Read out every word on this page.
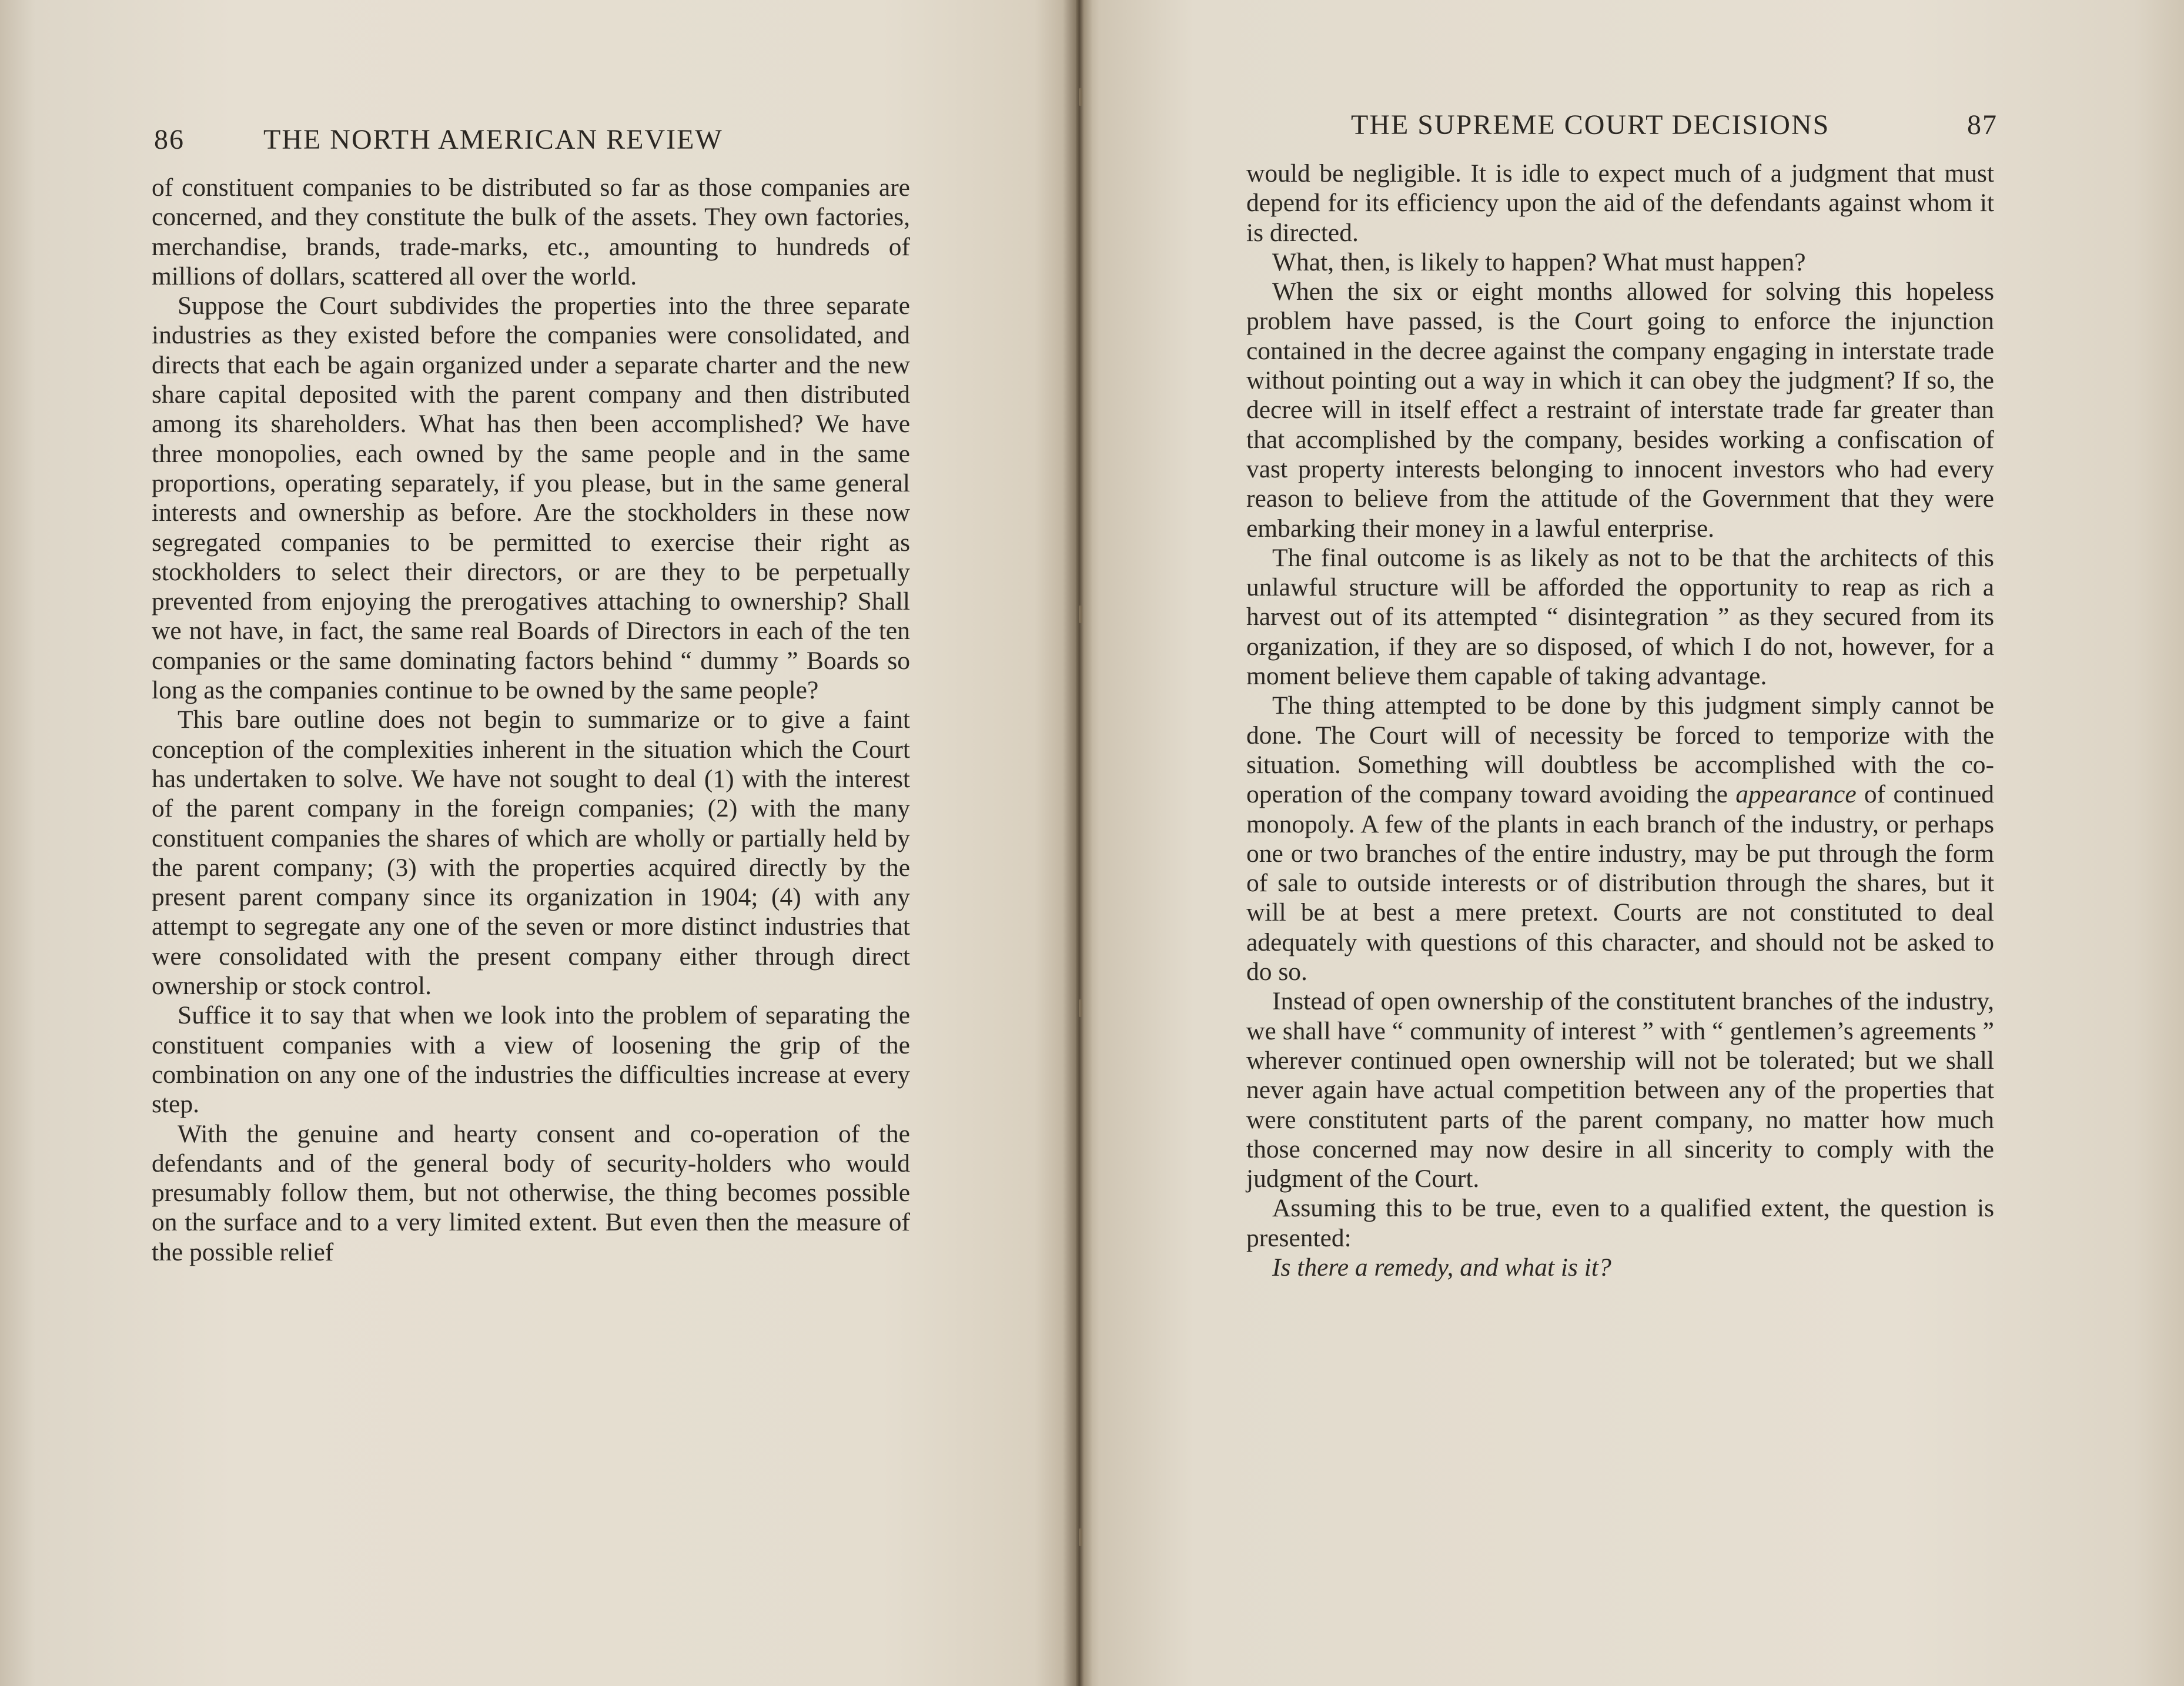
86	THE NORTH AMERICAN REVIEW

of constituent companies to be distributed so far as those companies are concerned, and they constitute the bulk of the assets. They own factories, merchandise, brands, trade-marks, etc., amounting to hundreds of millions of dollars, scattered all over the world.

Suppose the Court subdivides the properties into the three separate industries as they existed before the companies were consolidated, and directs that each be again organized under a separate charter and the new share capital deposited with the parent company and then distributed among its shareholders. What has then been accomplished? We have three monopolies, each owned by the same people and in the same proportions, operating separately, if you please, but in the same general interests and ownership as before. Are the stockholders in these now segregated companies to be permitted to exercise their right as stockholders to select their directors, or are they to be perpetually prevented from enjoying the prerogatives attaching to ownership? Shall we not have, in fact, the same real Boards of Directors in each of the ten companies or the same dominating factors behind “ dummy ” Boards so long as the companies continue to be owned by the same people?

This bare outline does not begin to summarize or to give a faint conception of the complexities inherent in the situation which the Court has undertaken to solve. We have not sought to deal (1) with the interest of the parent company in the foreign companies; (2) with the many constituent companies the shares of which are wholly or partially held by the parent company; (3) with the properties acquired directly by the present parent company since its organization in 1904; (4) with any attempt to segregate any one of the seven or more distinct industries that were consolidated with the present company either through direct ownership or stock control.

Suffice it to say that when we look into the problem of separating the constituent companies with a view of loosening the grip of the combination on any one of the industries the difficulties increase at every step.

With the genuine and hearty consent and co-operation of the defendants and of the general body of security-holders who would presumably follow them, but not otherwise, the thing becomes possible on the surface and to a very limited extent. But even then the measure of the possible relief

THE SUPREME COURT DECISIONS	87

would be negligible. It is idle to expect much of a judgment that must depend for its efficiency upon the aid of the defendants against whom it is directed.

What, then, is likely to happen? What must happen?

When the six or eight months allowed for solving this hopeless problem have passed, is the Court going to enforce the injunction contained in the decree against the company engaging in interstate trade without pointing out a way in which it can obey the judgment? If so, the decree will in itself effect a restraint of interstate trade far greater than that accomplished by the company, besides working a confiscation of vast property interests belonging to innocent investors who had every reason to believe from the attitude of the Government that they were embarking their money in a lawful enterprise.

The final outcome is as likely as not to be that the architects of this unlawful structure will be afforded the opportunity to reap as rich a harvest out of its attempted “ disintegration ” as they secured from its organization, if they are so disposed, of which I do not, however, for a moment believe them capable of taking advantage.

The thing attempted to be done by this judgment simply cannot be done. The Court will of necessity be forced to temporize with the situation. Something will doubtless be accomplished with the co-operation of the company toward avoiding the appearance of continued monopoly. A few of the plants in each branch of the industry, or perhaps one or two branches of the entire industry, may be put through the form of sale to outside interests or of distribution through the shares, but it will be at best a mere pretext. Courts are not constituted to deal adequately with questions of this character, and should not be asked to do so.

Instead of open ownership of the constitutent branches of the industry, we shall have “ community of interest ” with “ gentlemen’s agreements ” wherever continued open ownership will not be tolerated; but we shall never again have actual competition between any of the properties that were constitutent parts of the parent company, no matter how much those concerned may now desire in all sincerity to comply with the judgment of the Court.

Assuming this to be true, even to a qualified extent, the question is presented:

Is there a remedy, and what is it?
